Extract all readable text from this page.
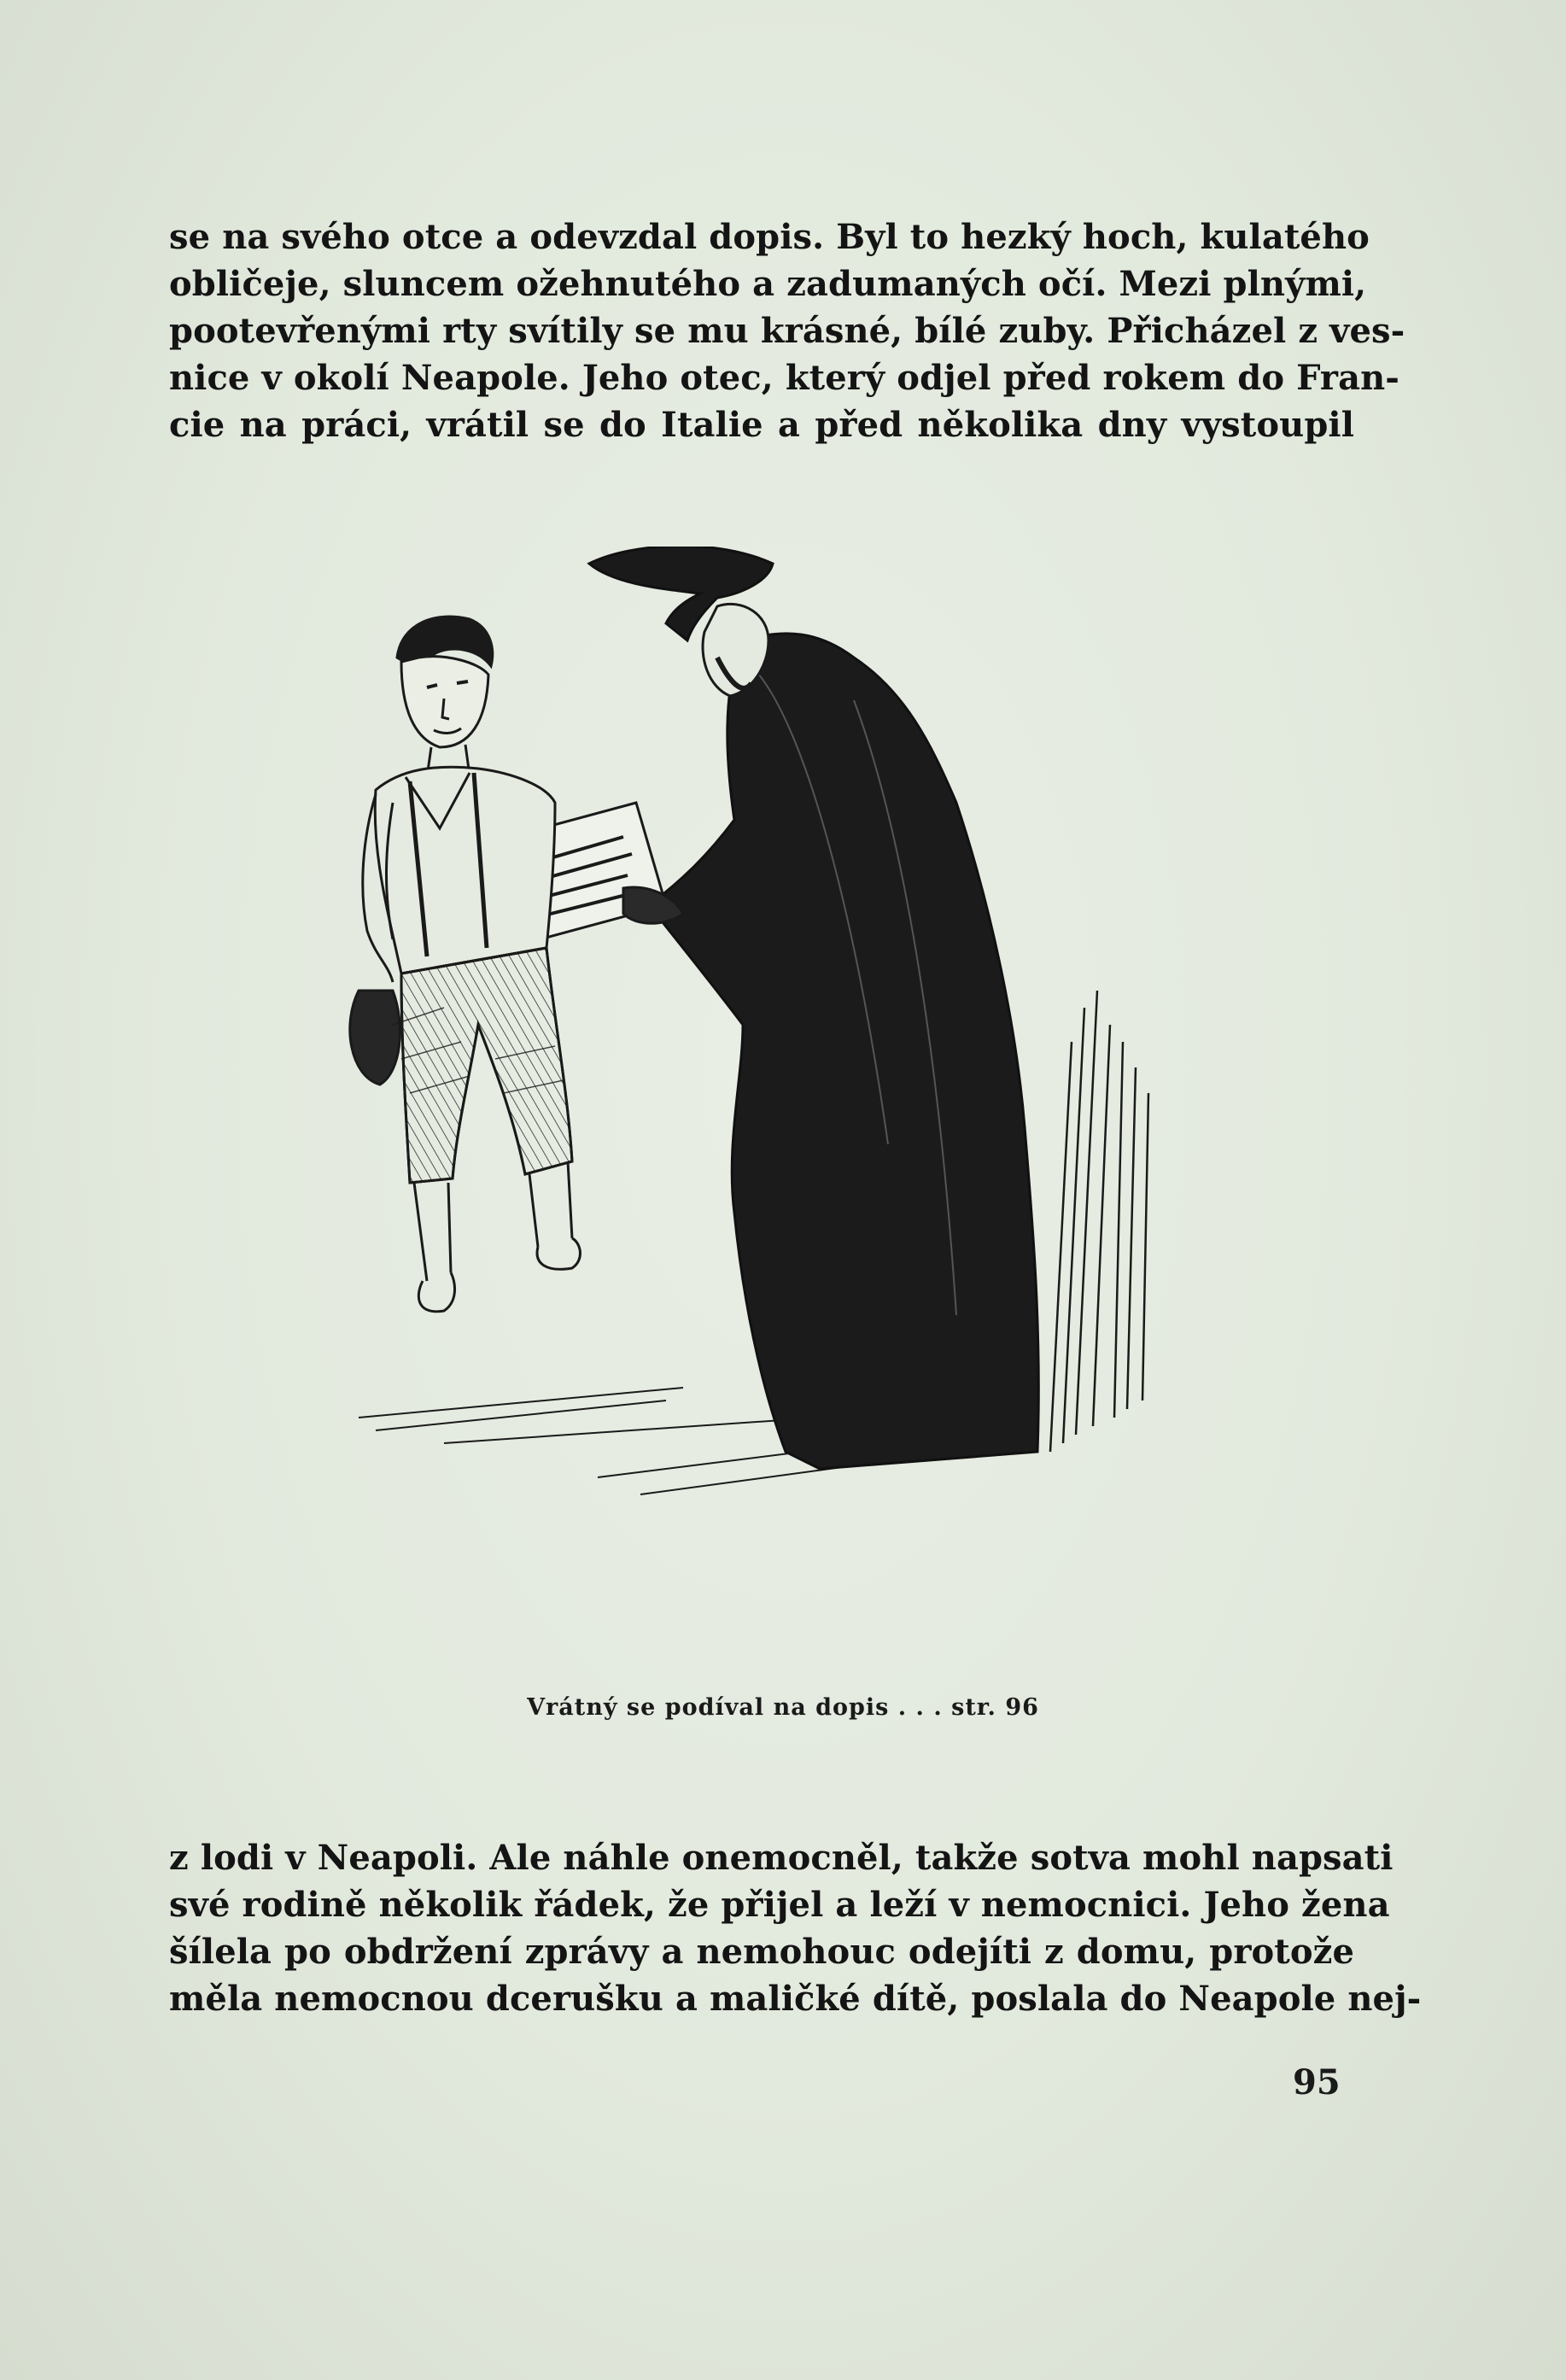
se na svého otce a odevzdal dopis. Byl to hezký hoch, kulatého
obličeje, sluncem ožehnutého a zadumaných očí. Mezi plnými,
pootevřenými rty svítily se mu krásné, bílé zuby. Přicházel z ves-
nice v okolí Neapole. Jeho otec, který odjel před rokem do Fran-
cie na práci, vrátil se do Italie a před několika dny vystoupil
Vrátný se podíval na dopis . . . str. 96
z lodi v Neapoli. Ale náhle onemocněl, takže sotva mohl napsati
své rodině několik řádek, že přijel a leží v nemocnici. Jeho žena
šílela po obdržení zprávy a nemohouc odejíti z domu, protože
měla nemocnou dcerušku a maličké dítě, poslala do Neapole nej-
95
